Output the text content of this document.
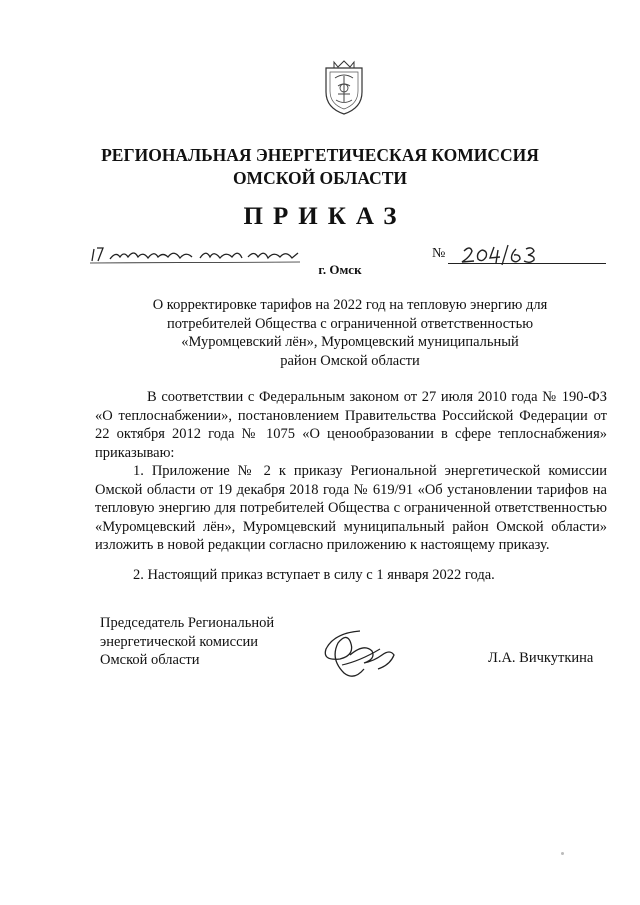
РЕГИОНАЛЬНАЯ ЭНЕРГЕТИЧЕСКАЯ КОМИССИЯ
ОМСКОЙ ОБЛАСТИ
ПРИКАЗ
№
г. Омск
О корректировке тарифов на 2022 год на тепловую энергию для
потребителей Общества с ограниченной ответственностью
«Муромцевский лён», Муромцевский муниципальный
район Омской области
В соответствии с Федеральным законом от 27 июля 2010 года № 190-ФЗ «О теплоснабжении», постановлением Правительства Российской Федерации от 22 октября 2012 года № 1075 «О ценообразовании в сфере теплоснабжения» приказываю:
1. Приложение № 2 к приказу Региональной энергетической комиссии Омской области от 19 декабря 2018 года № 619/91 «Об установлении тарифов на тепловую энергию для потребителей Общества с ограниченной ответственностью «Муромцевский лён», Муромцевский муниципальный район Омской области» изложить в новой редакции согласно приложению к настоящему приказу.
2. Настоящий приказ вступает в силу с 1 января 2022 года.
Председатель Региональной
энергетической комиссии
Омской области	Л.А. Вичкуткина
